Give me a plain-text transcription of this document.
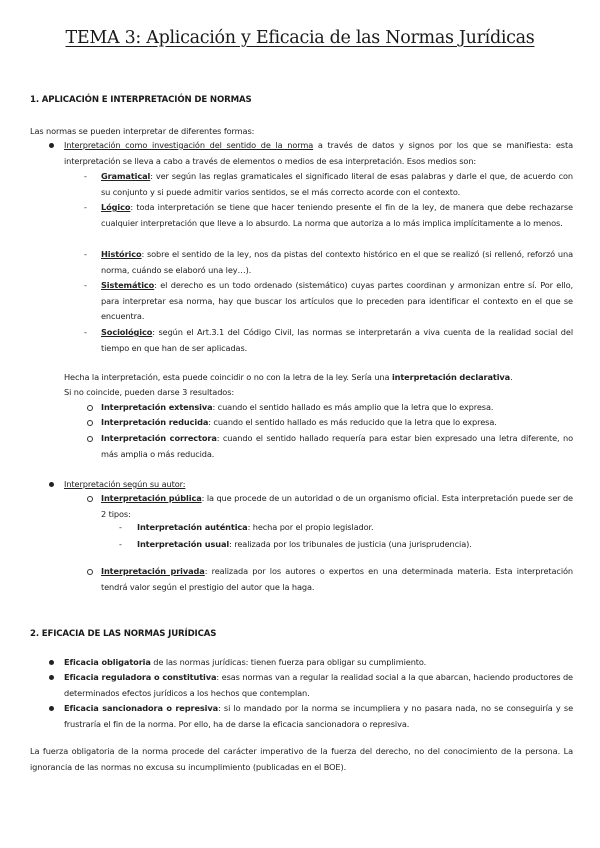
TEMA 3: Aplicación y Eficacia de las Normas Jurídicas
1. APLICACIÓN E INTERPRETACIÓN DE NORMAS
Las normas se pueden interpretar de diferentes formas:
Interpretación como investigación del sentido de la norma a través de datos y signos por los que se manifiesta: esta interpretación se lleva a cabo a través de elementos o medios de esa interpretación. Esos medios son:
- Gramatical: ver según las reglas gramaticales el significado literal de esas palabras y darle el que, de acuerdo con su conjunto y si puede admitir varios sentidos, se el más correcto acorde con el contexto.
- Lógico: toda interpretación se tiene que hacer teniendo presente el fin de la ley, de manera que debe rechazarse cualquier interpretación que lleve a lo absurdo. La norma que autoriza a lo más implica implícitamente a lo menos.
- Histórico: sobre el sentido de la ley, nos da pistas del contexto histórico en el que se realizó (si rellenó, reforzó una norma, cuándo se elaboró una ley…).
- Sistemático: el derecho es un todo ordenado (sistemático) cuyas partes coordinan y armonizan entre sí. Por ello, para interpretar esa norma, hay que buscar los artículos que lo preceden para identificar el contexto en el que se encuentra.
- Sociológico: según el Art.3.1 del Código Civil, las normas se interpretarán a viva cuenta de la realidad social del tiempo en que han de ser aplicadas.
Hecha la interpretación, esta puede coincidir o no con la letra de la ley. Sería una interpretación declarativa.
Si no coincide, pueden darse 3 resultados:
Interpretación extensiva: cuando el sentido hallado es más amplio que la letra que lo expresa.
Interpretación reducida: cuando el sentido hallado es más reducido que la letra que lo expresa.
Interpretación correctora: cuando el sentido hallado requería para estar bien expresado una letra diferente, no más amplia o más reducida.
Interpretación según su autor:
Interpretación pública: la que procede de un autoridad o de un organismo oficial. Esta interpretación puede ser de 2 tipos:
- Interpretación auténtica: hecha por el propio legislador.
- Interpretación usual: realizada por los tribunales de justicia (una jurisprudencia).
Interpretación privada: realizada por los autores o expertos en una determinada materia. Esta interpretación tendrá valor según el prestigio del autor que la haga.
2. EFICACIA DE LAS NORMAS JURÍDICAS
Eficacia obligatoria de las normas jurídicas: tienen fuerza para obligar su cumplimiento.
Eficacia reguladora o constitutiva: esas normas van a regular la realidad social a la que abarcan, haciendo productores de determinados efectos jurídicos a los hechos que contemplan.
Eficacia sancionadora o represiva: si lo mandado por la norma se incumpliera y no pasara nada, no se conseguiría y se frustraría el fin de la norma. Por ello, ha de darse la eficacia sancionadora o represiva.
La fuerza obligatoria de la norma procede del carácter imperativo de la fuerza del derecho, no del conocimiento de la persona. La ignorancia de las normas no excusa su incumplimiento (publicadas en el BOE).
